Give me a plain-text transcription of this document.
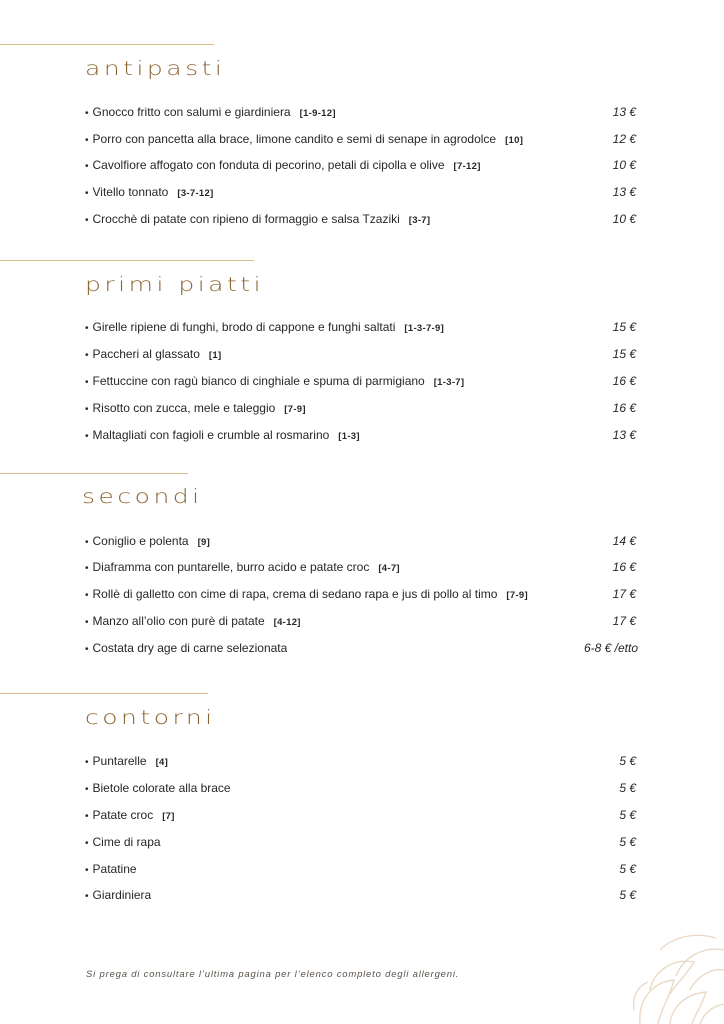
antipasti
• Gnocco fritto con salumi e giardiniera [1-9-12]	13 €
• Porro con pancetta alla brace, limone candito e semi di senape in agrodolce [10]	12 €
• Cavolfiore affogato con fonduta di pecorino, petali di cipolla e olive [7-12]	10 €
• Vitello tonnato [3-7-12]	13 €
• Crocchè di patate con ripieno di formaggio e salsa Tzaziki [3-7]	10 €
primi piatti
• Girelle ripiene di funghi, brodo di cappone e funghi saltati [1-3-7-9]	15 €
• Paccheri al glassato [1]	15 €
• Fettuccine con ragù bianco di cinghiale e spuma di parmigiano [1-3-7]	16 €
• Risotto con zucca, mele e taleggio [7-9]	16 €
• Maltagliati con fagioli e crumble al rosmarino [1-3]	13 €
secondi
• Coniglio e polenta [9]	14 €
• Diaframma con puntarelle, burro acido e patate croc [4-7]	16 €
• Rollè di galletto con cime di rapa, crema di sedano rapa e jus di pollo al timo [7-9]	17 €
• Manzo all’olio con purè di patate [4-12]	17 €
• Costata dry age di carne selezionata	6-8 € /etto
contorni
• Puntarelle [4]	5 €
• Bietole colorate alla brace	5 €
• Patate croc [7]	5 €
• Cime di rapa	5 €
• Patatine	5 €
• Giardiniera	5 €
Si prega di consultare l’ultima pagina per l’elenco completo degli allergeni.
